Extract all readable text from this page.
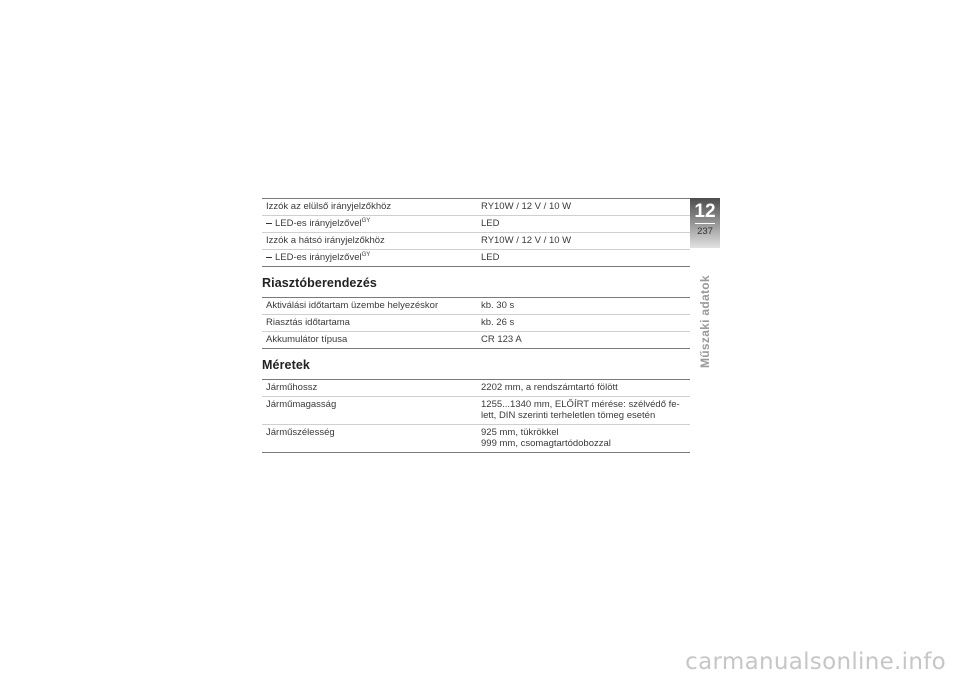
Izzók az elülső irányjelzőkhöz	RY10W / 12 V / 10 W
LED-es irányjelzővel$^{GY}$	LED
Izzók a hátsó irányjelzőkhöz	RY10W / 12 V / 10 W
LED-es irányjelzővel$^{GY}$	LED
Riasztóberendezés
Aktiválási időtartam üzembe helyezéskor	kb. 30 s
Riasztás időtartama	kb. 26 s
Akkumulátor típusa	CR 123 A
Méretek
Járműhossz	2202 mm, a rendszámtartó fölött
Járműmagasság	1255...1340 mm, ELŐÍRT mérése: szélvédő fe-
lett, DIN szerinti terheletlen tömeg esetén

Járműszélesség	925 mm, tükrökkel
999 mm, csomagtartódobozzal
12
237
Műszaki adatok
carmanualsonline.info
